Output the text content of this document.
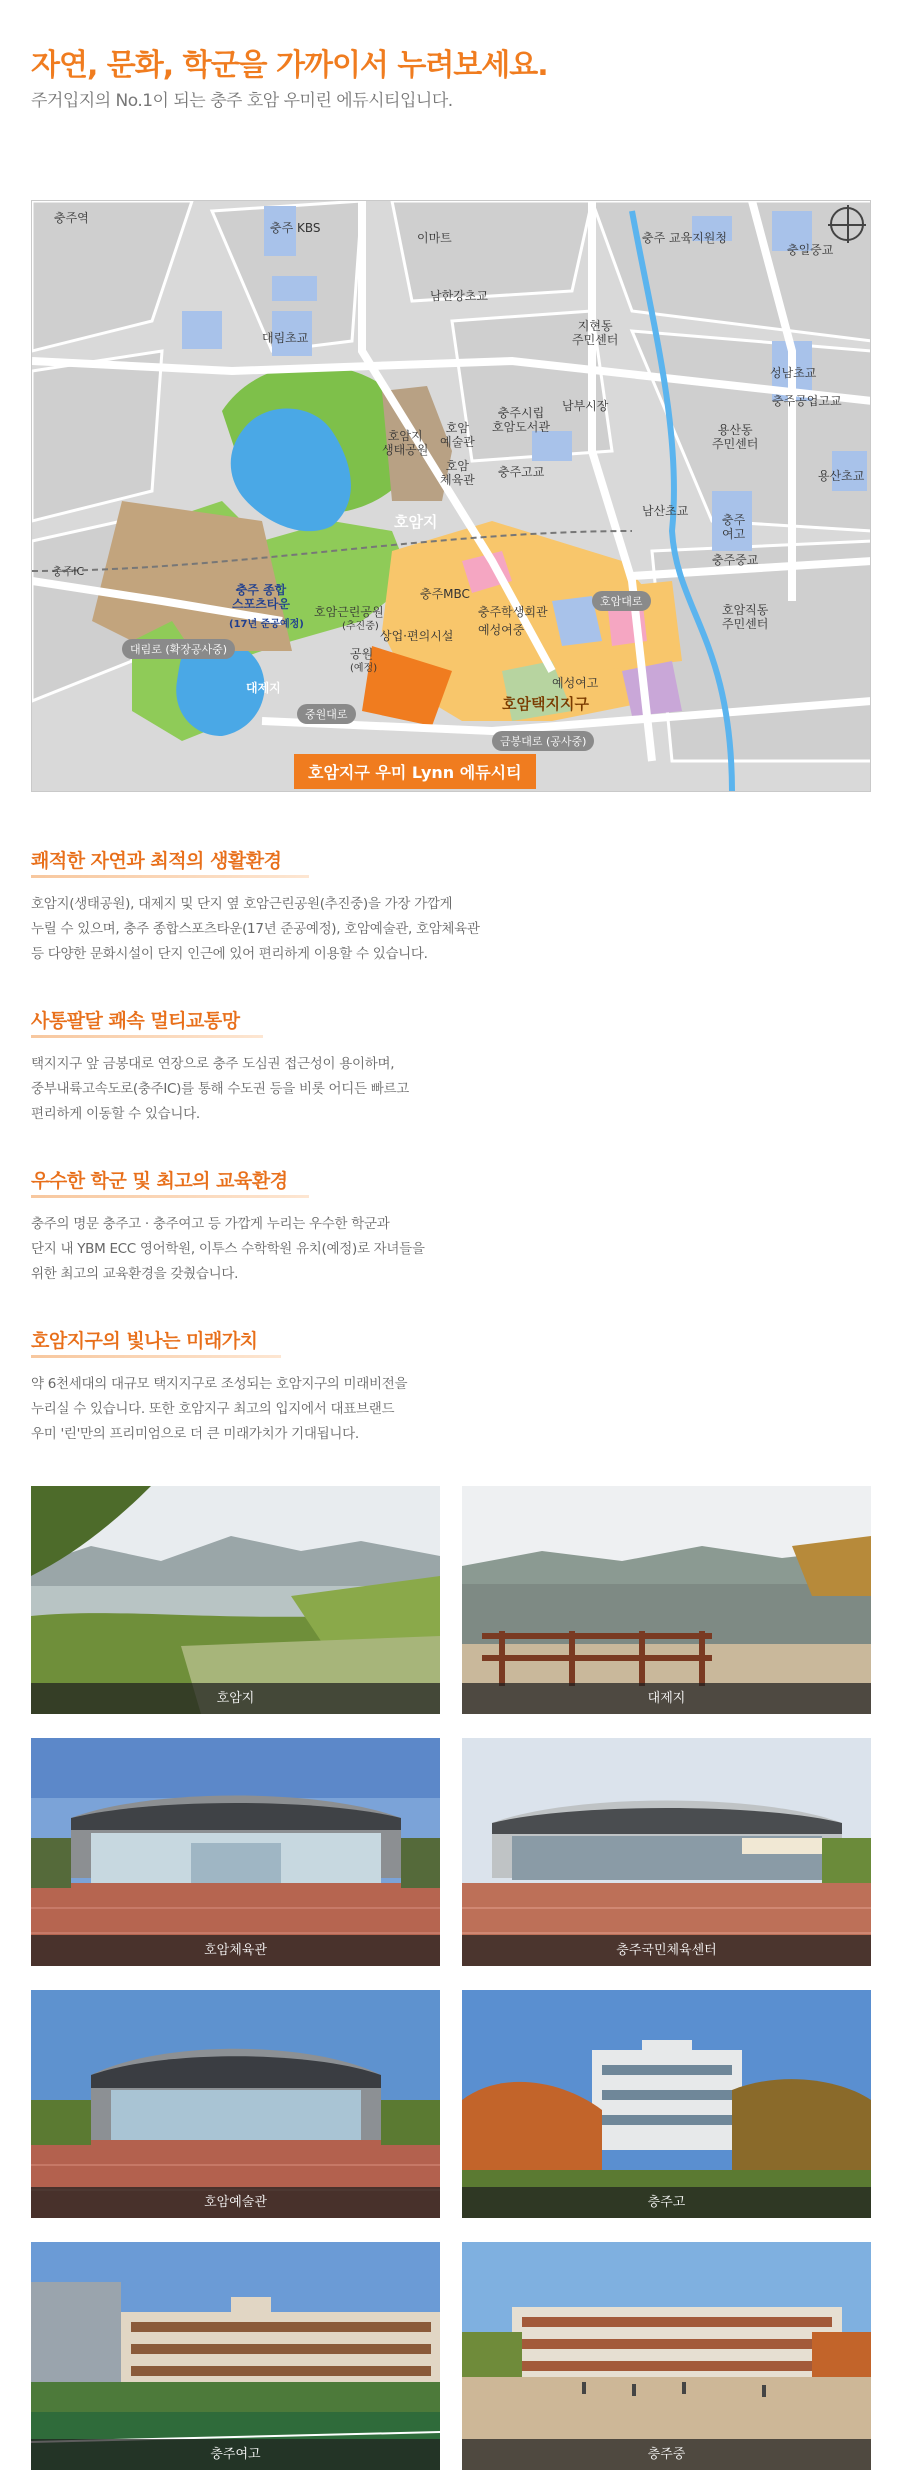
자연, 문화, 학군을 가까이서 누려보세요.
주거입지의 No.1이 되는 충주 호암 우미린 에듀시티입니다.
충주역
충주 KBS
이마트	충주 교육지원청
충일중교
남한강초교
대림초교
지현동
주민센터
호암지
생태공원
호암
예술관
호암
체육관
충주시립
호암도서관
남부시장
성남초교
충주공업고교
용산동
주민센터
용산초교
호암지
충주고교
남산초교
충주
여고
충주중교
충주 종합
스포츠타운
(17년 준공예정)
충주IC
호암근린공원
(추진중)
충주MBC
충주학생회관
예성여중
상업·편의시설
공원
(예정)
대제지	예성여고
호암택지지구
호암직동
주민센터
대림로 (확장공사중)
호암대로
중원대로
금봉대로 (공사중)
호암지구 우미 Lynn 에듀시티
쾌적한 자연과 최적의 생활환경
호암지(생태공원), 대제지 및 단지 옆 호암근린공원(추진중)을 가장 가깝게
누릴 수 있으며, 충주 종합스포츠타운(17년 준공예정), 호암예술관, 호암체육관
등 다양한 문화시설이 단지 인근에 있어 편리하게 이용할 수 있습니다.
사통팔달 쾌속 멀티교통망
택지지구 앞 금봉대로 연장으로 충주 도심권 접근성이 용이하며,
중부내륙고속도로(충주IC)를 통해 수도권 등을 비롯 어디든 빠르고
편리하게 이동할 수 있습니다.
우수한 학군 및 최고의 교육환경
충주의 명문 충주고 · 충주여고 등 가깝게 누리는 우수한 학군과
단지 내 YBM ECC 영어학원, 이투스 수학학원 유치(예정)로 자녀들을
위한 최고의 교육환경을 갖췄습니다.
호암지구의 빛나는 미래가치
약 6천세대의 대규모 택지지구로 조성되는 호암지구의 미래비전을
누리실 수 있습니다. 또한 호암지구 최고의 입지에서 대표브랜드
우미 '린'만의 프리미엄으로 더 큰 미래가치가 기대됩니다.
호암지	대제지
호암체육관	충주국민체육센터
호암예술관	충주고
충주여고	충주중
